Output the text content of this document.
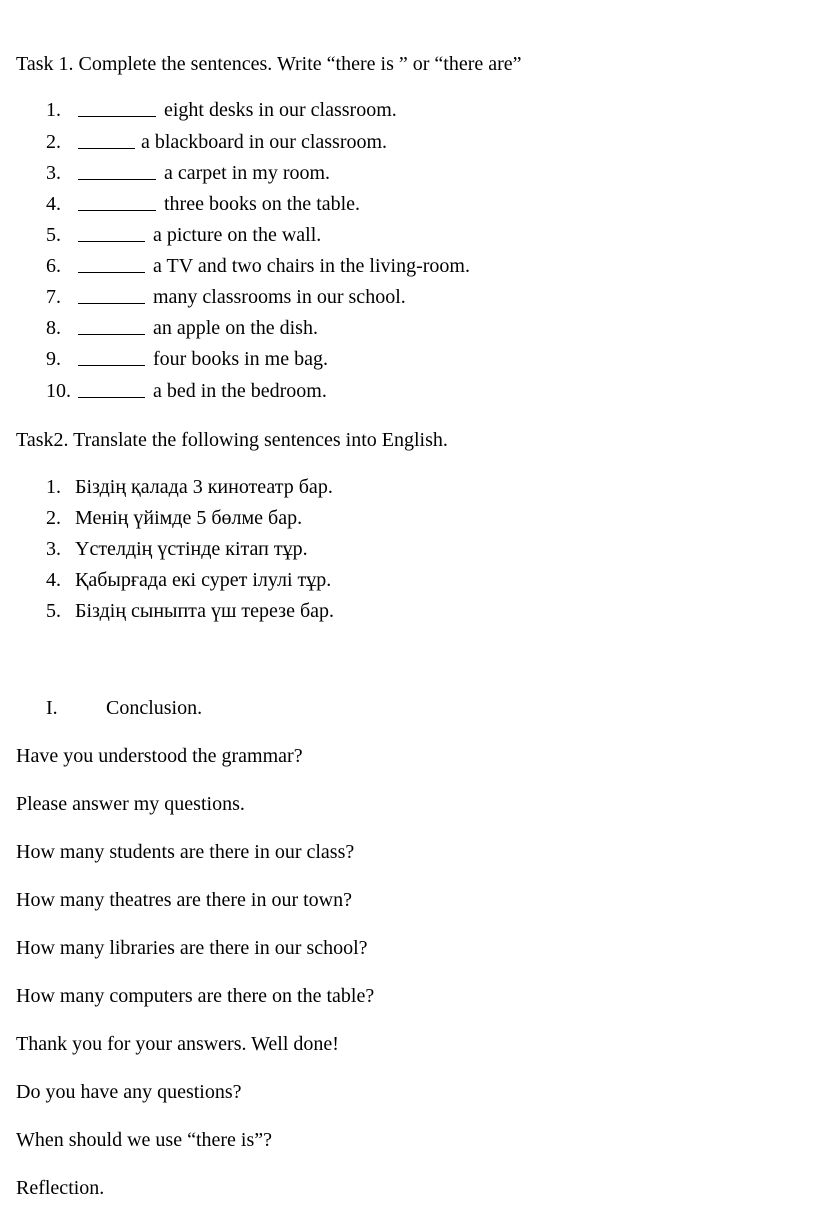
Task 1. Complete the sentences. Write “there is ” or “there are”
1.	eight desks in our classroom.
2.	a blackboard in our classroom.
3.	a carpet in my room.
4.	three books on the table.
5.	a picture on the wall.
6.	a TV and two chairs in the living-room.
7.	many classrooms in our school.
8.	an apple on the dish.
9.	four books in me bag.
10.	a bed in the bedroom.
Task2. Translate the following sentences into English.
1. Біздің қалада 3 кинотеатр бар.
2. Менің үйімде 5 бөлме бар.
3. Үстелдің үстінде кітап тұр.
4. Қабырғада екі сурет ілулі тұр.
5. Біздің сыныпта үш терезе бар.
I. Conclusion.
Have you understood the grammar?
Please answer my questions.
How many students are there in our class?
How many theatres are there in our town?
How many libraries are there in our school?
How many computers are there on the table?
Thank you for your answers. Well done!
Do you have any questions?
When should we use “there is”?
Reflection.
